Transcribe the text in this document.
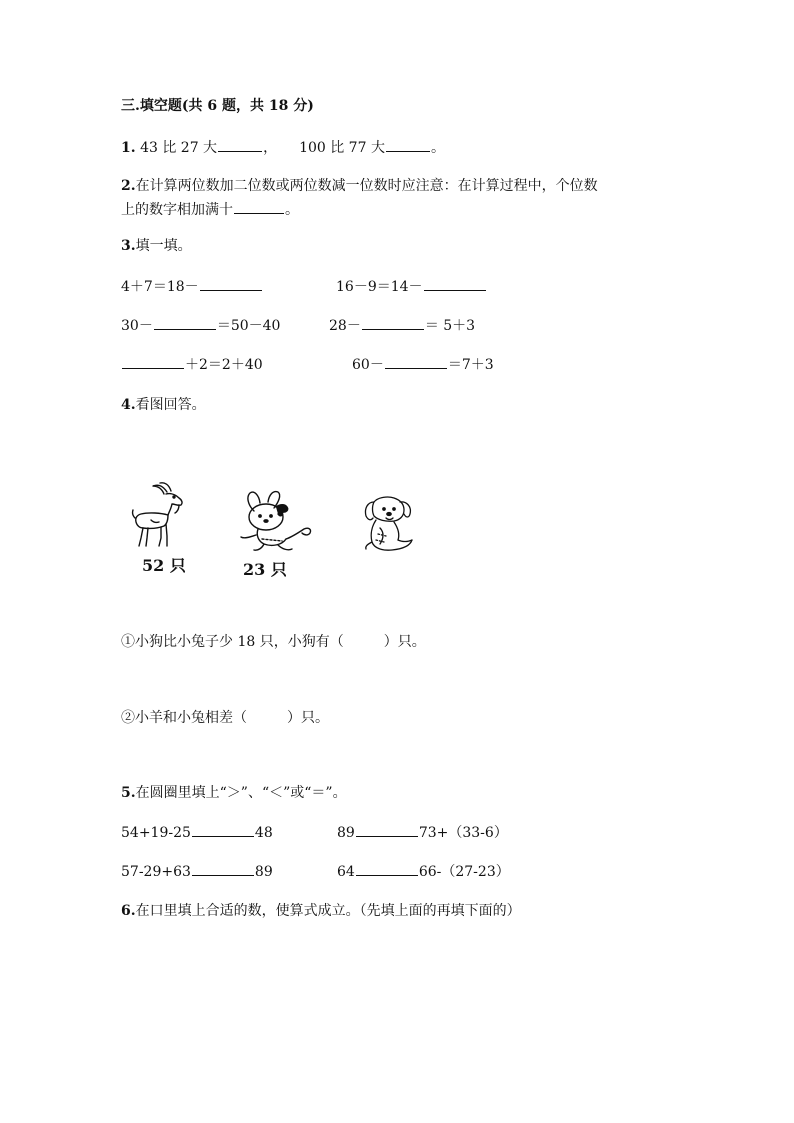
三.填空题(共 6 题，共 18 分)
1. 43 比 27 大	， 100 比 77 大	。
2.在计算两位数加二位数或两位数减一位数时应注意：在计算过程中，个位数
上的数字相加满十	。
3.填一填。
4＋7＝18－	16－9＝14－
30－	＝50－40	28－	＝ 5＋3
＋2＝2＋40	60－	＝7＋3
4.看图回答。
52 只	23 只
①小狗比小兔子少 18 只，小狗有（	）只。
②小羊和小兔相差（	）只。
5.在圆圈里填上“＞”、“＜”或“＝”。
54+19-25	48	89	73+（33-6）
57-29+63	89	64	66-（27-23）
6.在口里填上合适的数，使算式成立。（先填上面的再填下面的）
